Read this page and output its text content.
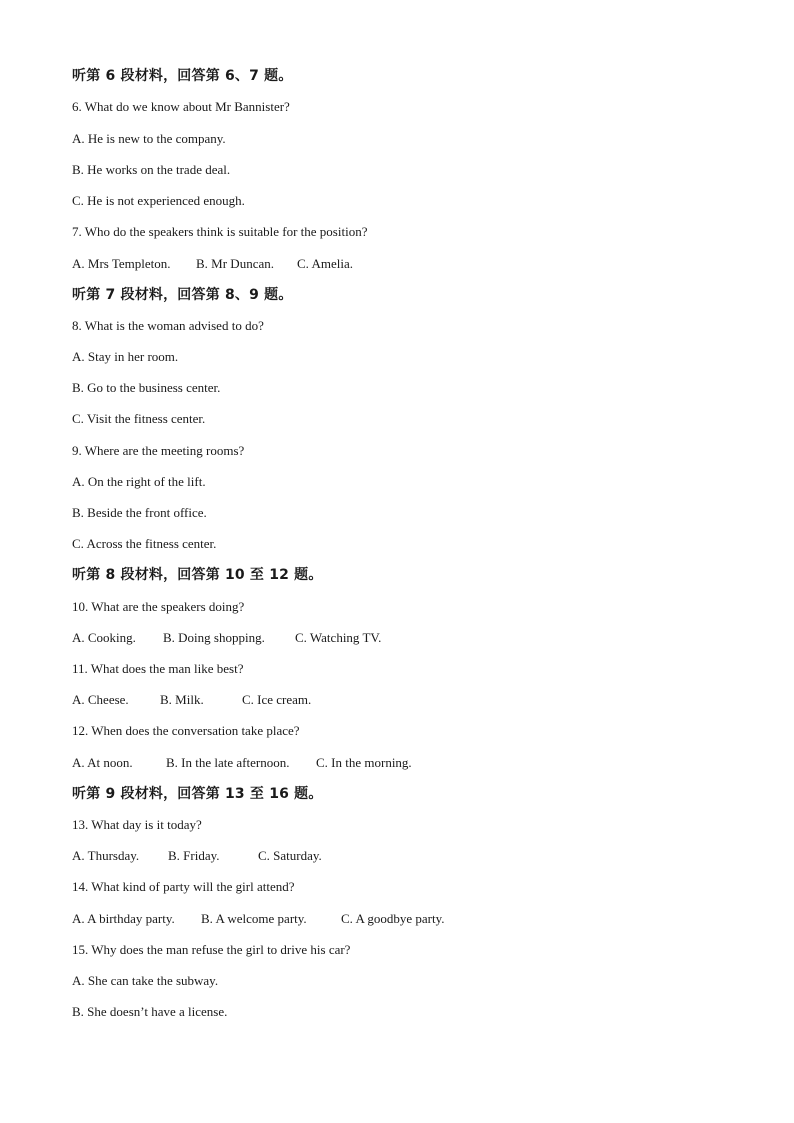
听第 6 段材料，回答第 6、7 题。
6. What do we know about Mr Bannister?
A. He is new to the company.
B. He works on the trade deal.
C. He is not experienced enough.
7. Who do the speakers think is suitable for the position?
A. Mrs Templeton.	B. Mr Duncan.	C. Amelia.
听第 7 段材料，回答第 8、9 题。
8. What is the woman advised to do?
A. Stay in her room.
B. Go to the business center.
C. Visit the fitness center.
9. Where are the meeting rooms?
A. On the right of the lift.
B. Beside the front office.
C. Across the fitness center.
听第 8 段材料，回答第 10 至 12 题。
10. What are the speakers doing?
A. Cooking.	B. Doing shopping.	C. Watching TV.
11. What does the man like best?
A. Cheese.	B. Milk.	C. Ice cream.
12. When does the conversation take place?
A. At noon.	B. In the late afternoon.	C. In the morning.
听第 9 段材料，回答第 13 至 16 题。
13. What day is it today?
A. Thursday.	B. Friday.	C. Saturday.
14. What kind of party will the girl attend?
A. A birthday party.	B. A welcome party.	C. A goodbye party.
15. Why does the man refuse the girl to drive his car?
A. She can take the subway.
B. She doesn’t have a license.
